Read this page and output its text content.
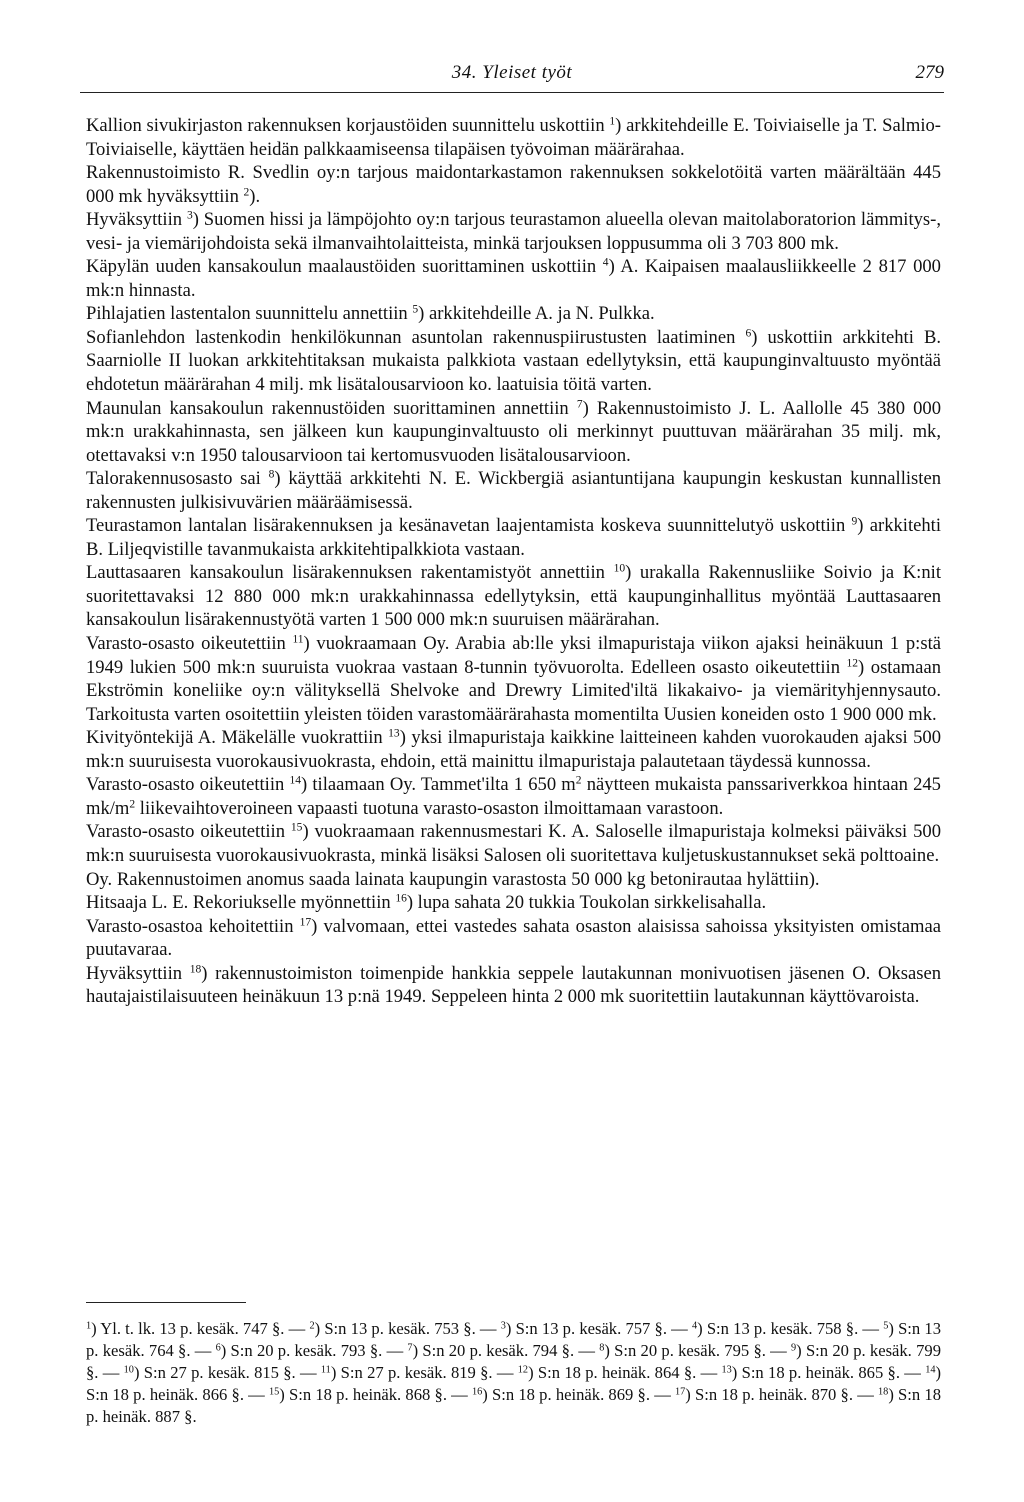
34. Yleiset työt	279

Kallion sivukirjaston rakennuksen korjaustöiden suunnittelu uskottiin $^1$) arkkitehdeille E. Toiviaiselle ja T. Salmio-Toiviaiselle, käyttäen heidän palkkaamiseensa tilapäisen työvoiman määrärahaa.

Rakennustoimisto R. Svedlin oy:n tarjous maidontarkastamon rakennuksen sokkelotöitä varten määrältään 445 000 mk hyväksyttiin $^2$).

Hyväksyttiin $^3$) Suomen hissi ja lämpöjohto oy:n tarjous teurastamon alueella olevan maitolaboratorion lämmitys-, vesi- ja viemärijohdoista sekä ilmanvaihtolaitteista, minkä tarjouksen loppusumma oli 3 703 800 mk.

Käpylän uuden kansakoulun maalaustöiden suorittaminen uskottiin $^4$) A. Kaipaisen maalausliikkeelle 2 817 000 mk:n hinnasta.

Pihlajatien lastentalon suunnittelu annettiin $^5$) arkkitehdeille A. ja N. Pulkka.

Sofianlehdon lastenkodin henkilökunnan asuntolan rakennuspiirustusten laatiminen $^6$) uskottiin arkkitehti B. Saarniolle II luokan arkkitehtitaksan mukaista palkkiota vastaan edellytyksin, että kaupunginvaltuusto myöntää ehdotetun määrärahan 4 milj. mk lisätalousarvioon ko. laatuisia töitä varten.

Maunulan kansakoulun rakennustöiden suorittaminen annettiin $^7$) Rakennustoimisto J. L. Aallolle 45 380 000 mk:n urakkahinnasta, sen jälkeen kun kaupunginvaltuusto oli merkinnyt puuttuvan määrärahan 35 milj. mk, otettavaksi v:n 1950 talousarvioon tai kertomusvuoden lisätalousarvioon.

Talorakennusosasto sai $^8$) käyttää arkkitehti N. E. Wickbergiä asiantuntijana kaupungin keskustan kunnallisten rakennusten julkisivuvärien määräämisessä.

Teurastamon lantalan lisärakennuksen ja kesänavetan laajentamista koskeva suunnittelutyö uskottiin $^9$) arkkitehti B. Liljeqvistille tavanmukaista arkkitehtipalkkiota vastaan.

Lauttasaaren kansakoulun lisärakennuksen rakentamistyöt annettiin $^{10}$) urakalla Rakennusliike Soivio ja K:nit suoritettavaksi 12 880 000 mk:n urakkahinnassa edellytyksin, että kaupunginhallitus myöntää Lauttasaaren kansakoulun lisärakennustyötä varten 1 500 000 mk:n suuruisen määrärahan.

Varasto-osasto oikeutettiin $^{11}$) vuokraamaan Oy. Arabia ab:lle yksi ilmapuristaja viikon ajaksi heinäkuun 1 p:stä 1949 lukien 500 mk:n suuruista vuokraa vastaan 8-tunnin työvuorolta. Edelleen osasto oikeutettiin $^{12}$) ostamaan Ekströmin koneliike oy:n välityksellä Shelvoke and Drewry Limited'iltä likakaivo- ja viemärityhjennysauto. Tarkoitusta varten osoitettiin yleisten töiden varastomäärärahasta momentilta Uusien koneiden osto 1 900 000 mk.

Kivityöntekijä A. Mäkelälle vuokrattiin $^{13}$) yksi ilmapuristaja kaikkine laitteineen kahden vuorokauden ajaksi 500 mk:n suuruisesta vuorokausivuokrasta, ehdoin, että mainittu ilmapuristaja palautetaan täydessä kunnossa.

Varasto-osasto oikeutettiin $^{14}$) tilaamaan Oy. Tammet'ilta 1 650 $m^2$ näytteen mukaista panssariverkkoa hintaan 245 $mk/m^2$ liikevaihtoveroineen vapaasti tuotuna varasto-osaston ilmoittamaan varastoon.

Varasto-osasto oikeutettiin $^{15}$) vuokraamaan rakennusmestari K. A. Saloselle ilmapuristaja kolmeksi päiväksi 500 mk:n suuruisesta vuorokausivuokrasta, minkä lisäksi Salosen oli suoritettava kuljetuskustannukset sekä polttoaine.

Oy. Rakennustoimen anomus saada lainata kaupungin varastosta 50 000 kg betonirautaa hylättiin).

Hitsaaja L. E. Rekoriukselle myönnettiin $^{16}$) lupa sahata 20 tukkia Toukolan sirkkelisahalla.

Varasto-osastoa kehoitettiin $^{17}$) valvomaan, ettei vastedes sahata osaston alaisissa sahoissa yksityisten omistamaa puutavaraa.

Hyväksyttiin $^{18}$) rakennustoimiston toimenpide hankkia seppele lautakunnan monivuotisen jäsenen O. Oksasen hautajaistilaisuuteen heinäkuun 13 p:nä 1949. Seppeleen hinta 2 000 mk suoritettiin lautakunnan käyttövaroista.

$^1$) Yl. t. lk. 13 p. kesäk. 747 §. — $^2$) S:n 13 p. kesäk. 753 §. — $^3$) S:n 13 p. kesäk. 757 §. — $^4$) S:n 13 p. kesäk. 758 §. — $^5$) S:n 13 p. kesäk. 764 §. — $^6$) S:n 20 p. kesäk. 793 §. — $^7$) S:n 20 p. kesäk. 794 §. — $^8$) S:n 20 p. kesäk. 795 §. — $^9$) S:n 20 p. kesäk. 799 §. — $^{10}$) S:n 27 p. kesäk. 815 §. — $^{11}$) S:n 27 p. kesäk. 819 §. — $^{12}$) S:n 18 p. heinäk. 864 §. — $^{13}$) S:n 18 p. heinäk. 865 §. — $^{14}$) S:n 18 p. heinäk. 866 §. — $^{15}$) S:n 18 p. heinäk. 868 §. — $^{16}$) S:n 18 p. heinäk. 869 §. — $^{17}$) S:n 18 p. heinäk. 870 §. — $^{18}$) S:n 18 p. heinäk. 887 §.
